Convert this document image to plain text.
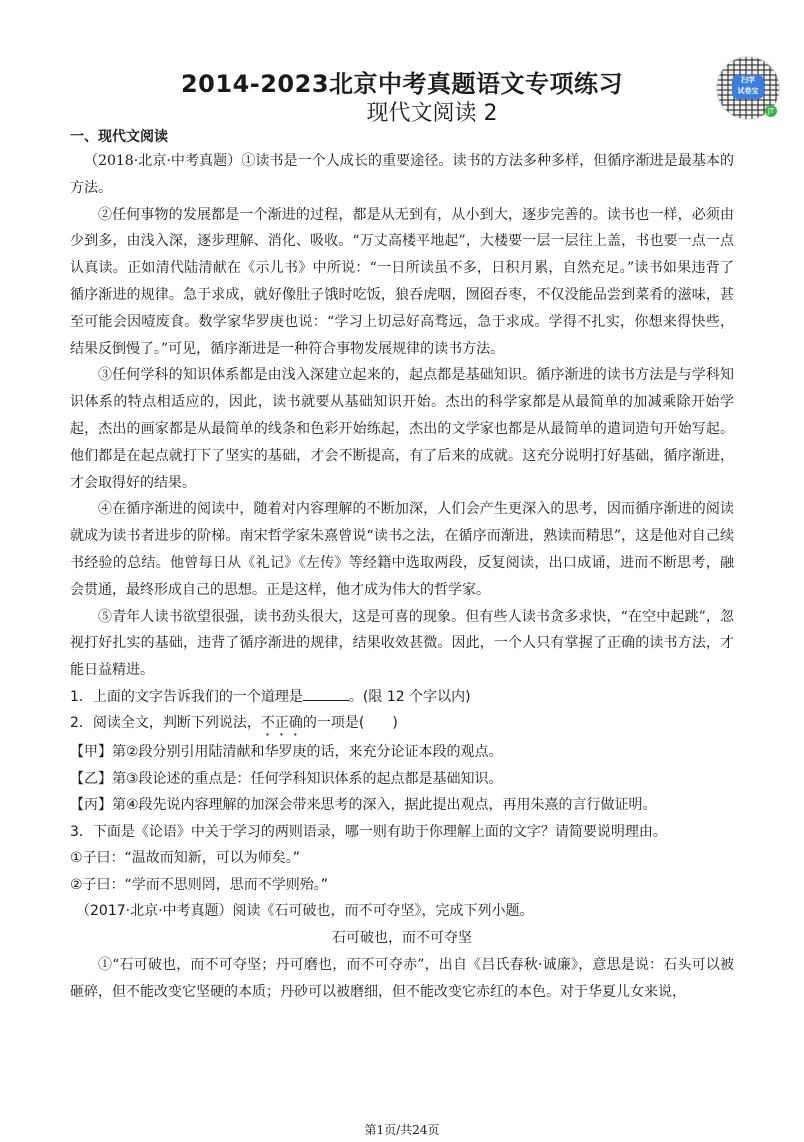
2014-2023北京中考真题语文专项练习
现代文阅读 2
扫学
试卷宝
JT
一、现代文阅读

（2018·北京·中考真题）①读书是一个人成长的重要途径。读书的方法多种多样，但循序渐进是最基本的方法。

②任何事物的发展都是一个渐进的过程，都是从无到有，从小到大，逐步完善的。读书也一样，必须由少到多，由浅入深，逐步理解、消化、吸收。“万丈高楼平地起”，大楼要一层一层往上盖，书也要一点一点认真读。正如清代陆清献在《示儿书》中所说：“一日所读虽不多，日积月累，自然充足。”读书如果违背了循序渐进的规律。急于求成，就好像肚子饿时吃饭，狼吞虎咽，囫囵吞枣，不仅没能品尝到菜肴的滋味，甚至可能会因噎废食。数学家华罗庚也说：“学习上切忌好高骛远，急于求成。学得不扎实，你想来得快些，结果反倒慢了。”可见，循序渐进是一种符合事物发展规律的读书方法。

③任何学科的知识体系都是由浅入深建立起来的，起点都是基础知识。循序渐进的读书方法是与学科知识体系的特点相适应的，因此，读书就要从基础知识开始。杰出的科学家都是从最简单的加减乘除开始学起，杰出的画家都是从最简单的线条和色彩开始练起，杰出的文学家也都是从最简单的遣词造句开始写起。他们都是在起点就打下了坚实的基础，才会不断提高，有了后来的成就。这充分说明打好基础，循序渐进，才会取得好的结果。

④在循序渐进的阅读中，随着对内容理解的不断加深，人们会产生更深入的思考，因而循序渐进的阅读就成为读书者进步的阶梯。南宋哲学家朱熹曾说“读书之法，在循序而渐进，熟读而精思”，这是他对自己续书经验的总结。他曾每日从《礼记》《左传》等经籍中选取两段，反复阅读，出口成诵，进而不断思考，融会贯通，最终形成自己的思想。正是这样，他才成为伟大的哲学家。

⑤青年人读书欲望很强，读书劲头很大，这是可喜的现象。但有些人读书贪多求快，“在空中起跳”，忽视打好扎实的基础，违背了循序渐进的规律，结果收效甚微。因此，一个人只有掌握了正确的读书方法，才能日益精进。

1．上面的文字告诉我们的一个道理是	。(限 12 个字以内)

2．阅读全文，判断下列说法，不正确的一项是(　　)

【甲】第②段分别引用陆清献和华罗庚的话，来充分论证本段的观点。

【乙】第③段论述的重点是：任何学科知识体系的起点都是基础知识。

【丙】第④段先说内容理解的加深会带来思考的深入，据此提出观点，再用朱熹的言行做证明。

3．下面是《论语》中关于学习的两则语录，哪一则有助于你理解上面的文字？请简要说明理由。

①子曰：“温故而知新，可以为师矣。”

②子曰：“学而不思则罔，思而不学则殆。”

（2017·北京·中考真题）阅读《石可破也，而不可夺坚》，完成下列小题。

石可破也，而不可夺坚

①“石可破也，而不可夺坚；丹可磨也，而不可夺赤”，出自《吕氏春秋·诚廉》，意思是说：石头可以被砸碎，但不能改变它坚硬的本质；丹砂可以被磨细，但不能改变它赤红的本色。对于华夏儿女来说，

第1页/共24页
